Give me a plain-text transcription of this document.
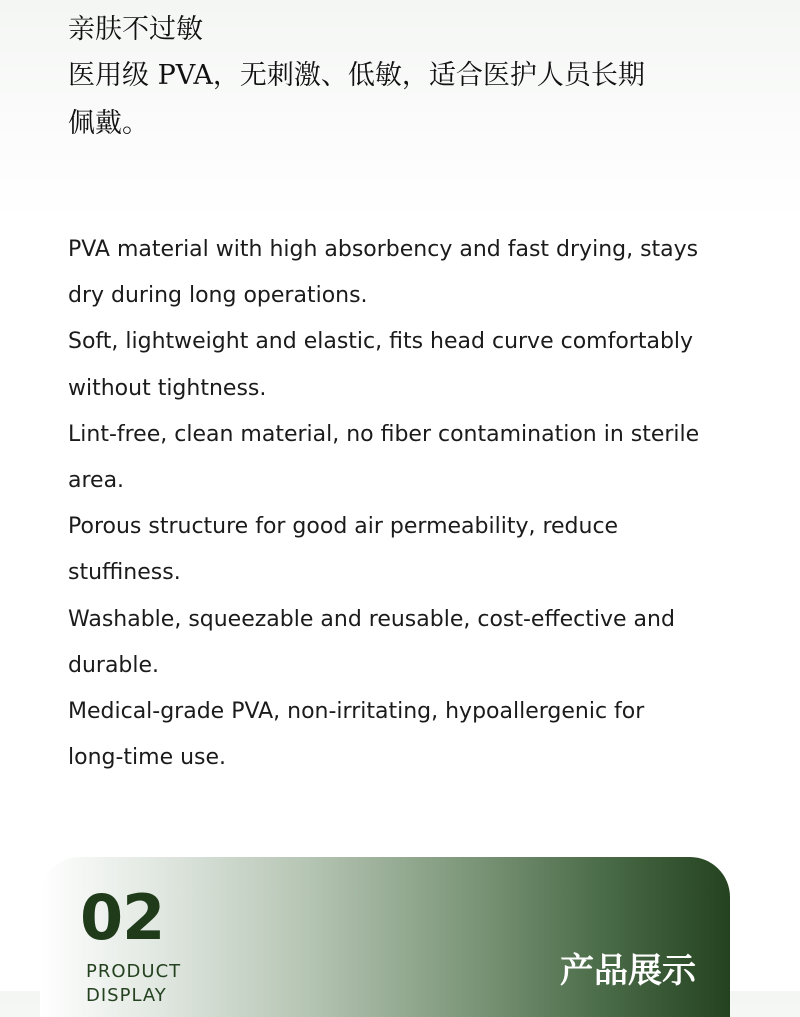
亲肤不过敏

医用级 PVA，无刺激、低敏，适合医护人员长期

佩戴。

PVA material with high absorbency and fast drying, stays

dry during long operations.

Soft, lightweight and elastic, fits head curve comfortably

without tightness.

Lint-free, clean material, no fiber contamination in sterile

area.

Porous structure for good air permeability, reduce

stuffiness.

Washable, squeezable and reusable, cost-effective and

durable.

Medical-grade PVA, non-irritating, hypoallergenic for

long-time use.

02
PRODUCT
DISPLAY
产品展示
